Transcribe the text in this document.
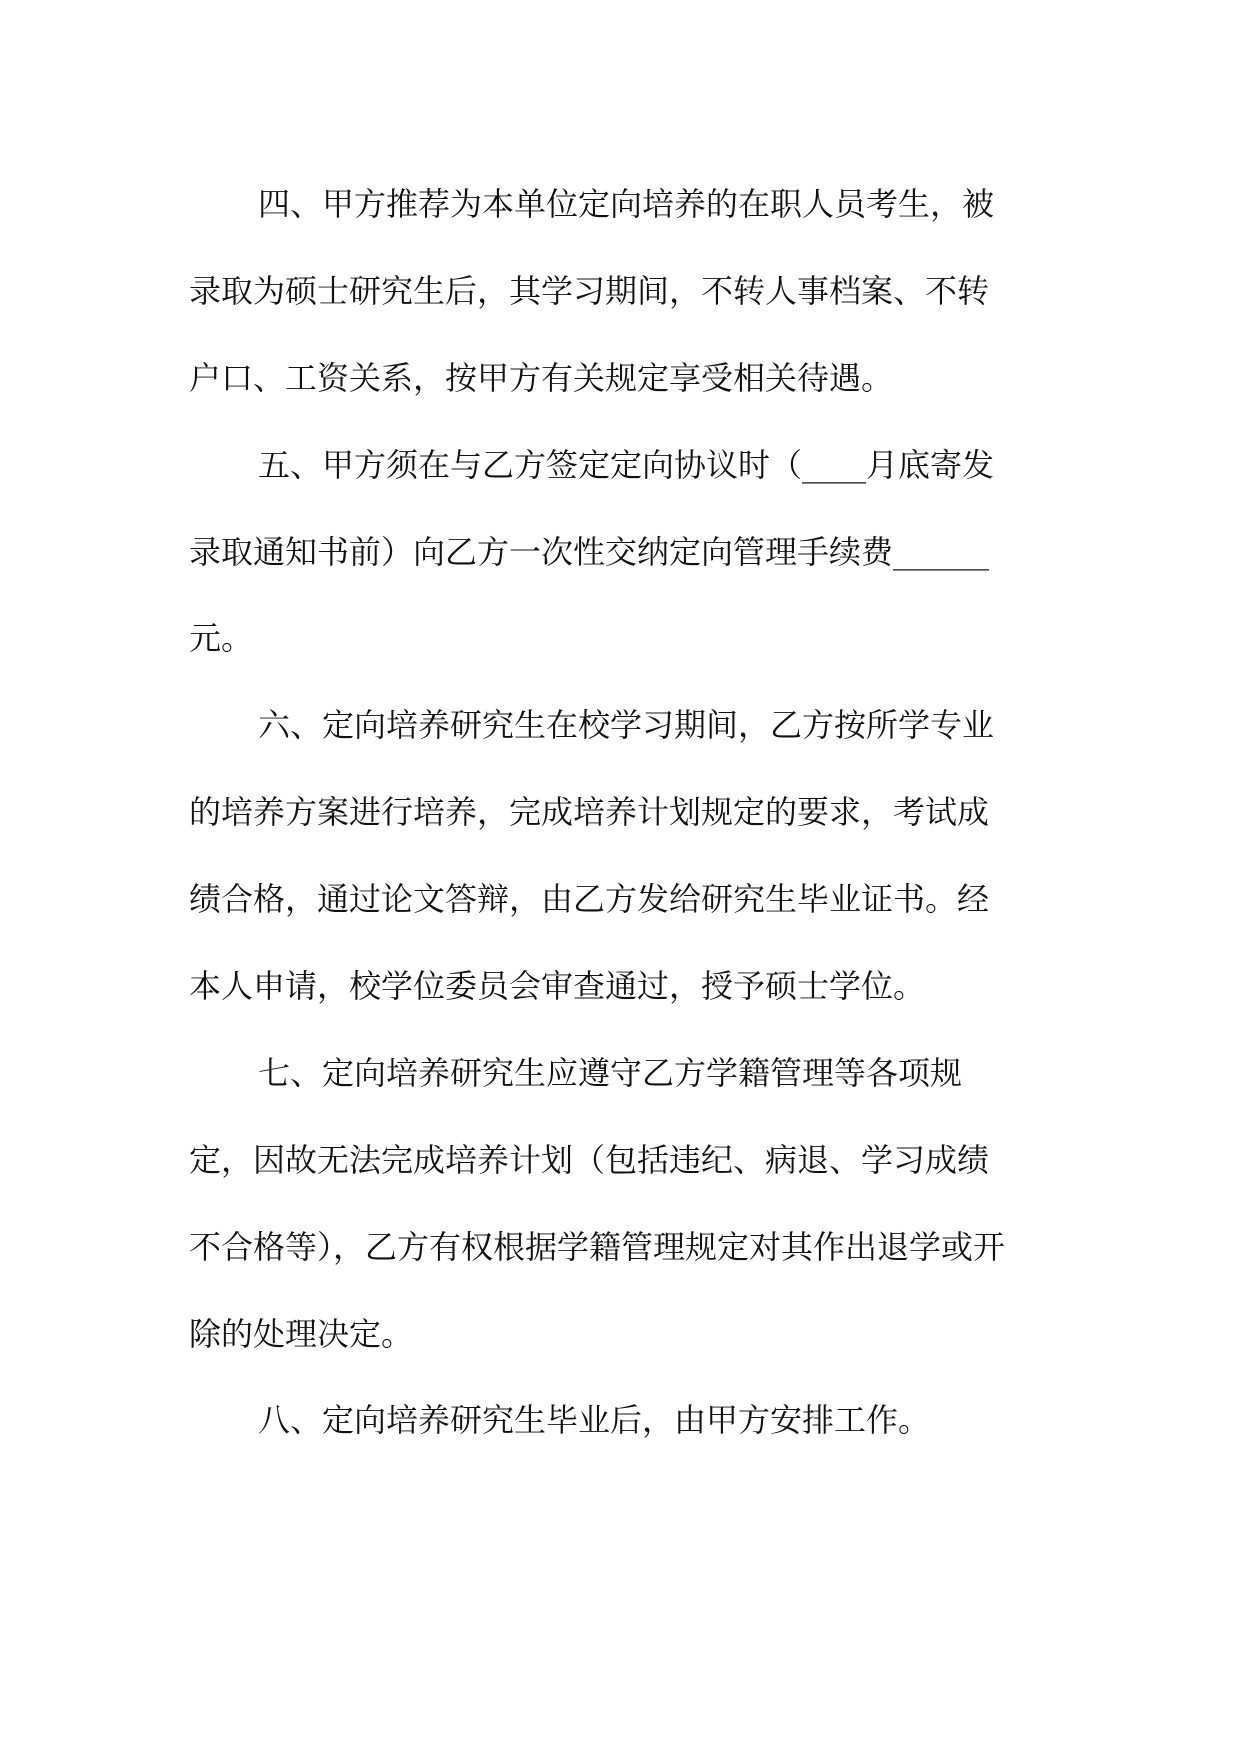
四、甲方推荐为本单位定向培养的在职人员考生，被
录取为硕士研究生后，其学习期间，不转人事档案、不转
户口、工资关系，按甲方有关规定享受相关待遇。
五、甲方须在与乙方签定定向协议时（____月底寄发
录取通知书前）向乙方一次性交纳定向管理手续费______
元。
六、定向培养研究生在校学习期间，乙方按所学专业
的培养方案进行培养，完成培养计划规定的要求，考试成
绩合格，通过论文答辩，由乙方发给研究生毕业证书。经
本人申请，校学位委员会审查通过，授予硕士学位。
七、定向培养研究生应遵守乙方学籍管理等各项规
定，因故无法完成培养计划（包括违纪、病退、学习成绩
不合格等），乙方有权根据学籍管理规定对其作出退学或开
除的处理决定。
八、定向培养研究生毕业后，由甲方安排工作。
